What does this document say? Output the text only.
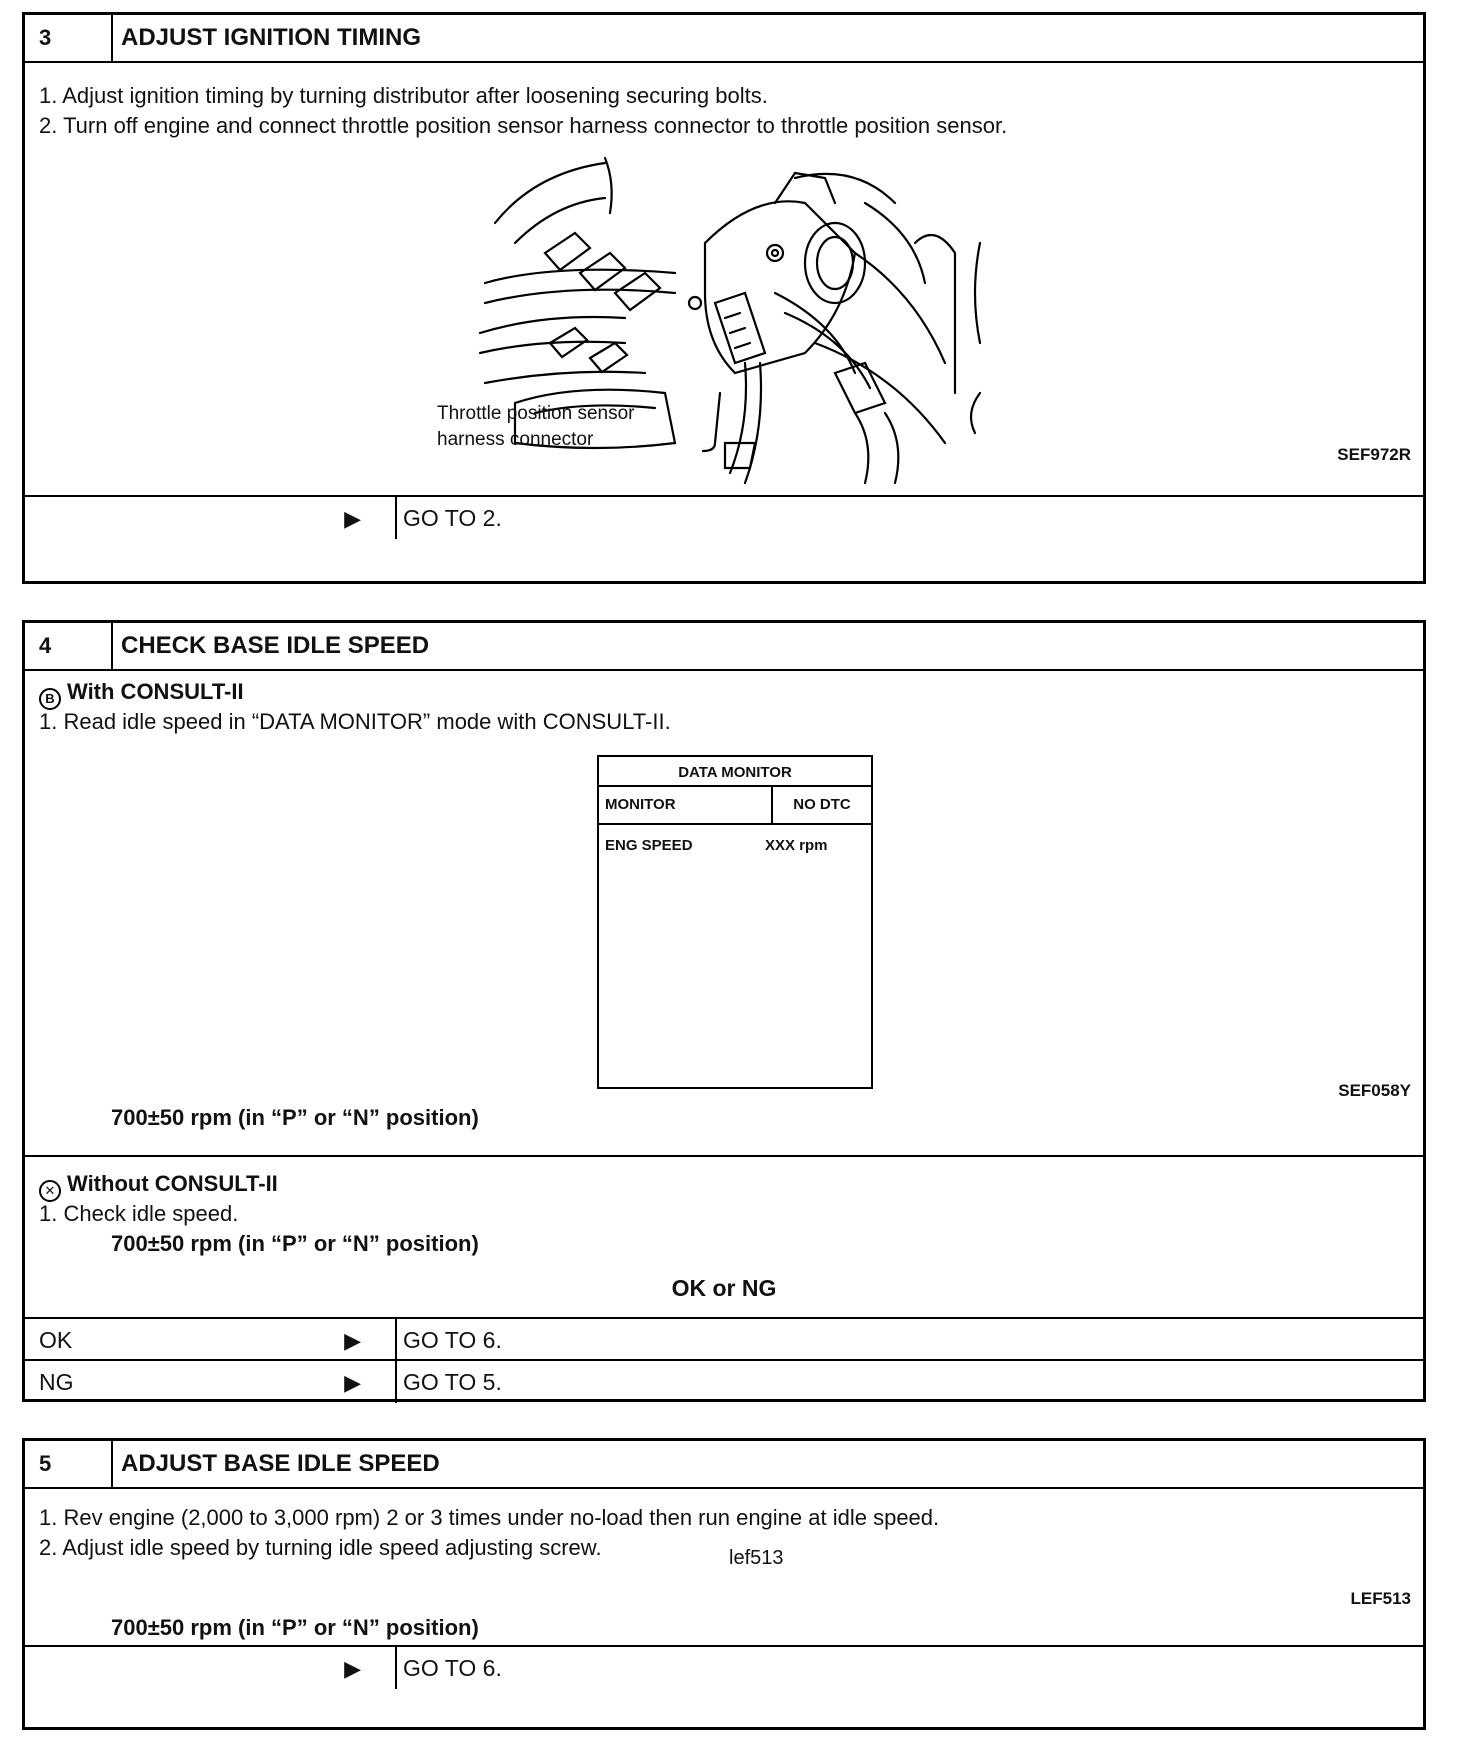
3	ADJUST IGNITION TIMING
1. Adjust ignition timing by turning distributor after loosening securing bolts.
2. Turn off engine and connect throttle position sensor harness connector to throttle position sensor.
Throttle position sensor
harness connector
SEF972R
▶ GO TO 2.
4	CHECK BASE IDLE SPEED
B With CONSULT-II
1. Read idle speed in “DATA MONITOR” mode with CONSULT-II.
DATA MONITOR
MONITOR	NO DTC
ENG SPEED	XXX rpm
SEF058Y
700±50 rpm (in “P” or “N” position)
✕ Without CONSULT-II
1. Check idle speed.
700±50 rpm (in “P” or “N” position)
OK or NG
OK	▶ GO TO 6.
NG	▶ GO TO 5.
5	ADJUST BASE IDLE SPEED
1. Rev engine (2,000 to 3,000 rpm) 2 or 3 times under no-load then run engine at idle speed.
2. Adjust idle speed by turning idle speed adjusting screw.	lef513
LEF513
700±50 rpm (in “P” or “N” position)
▶ GO TO 6.
